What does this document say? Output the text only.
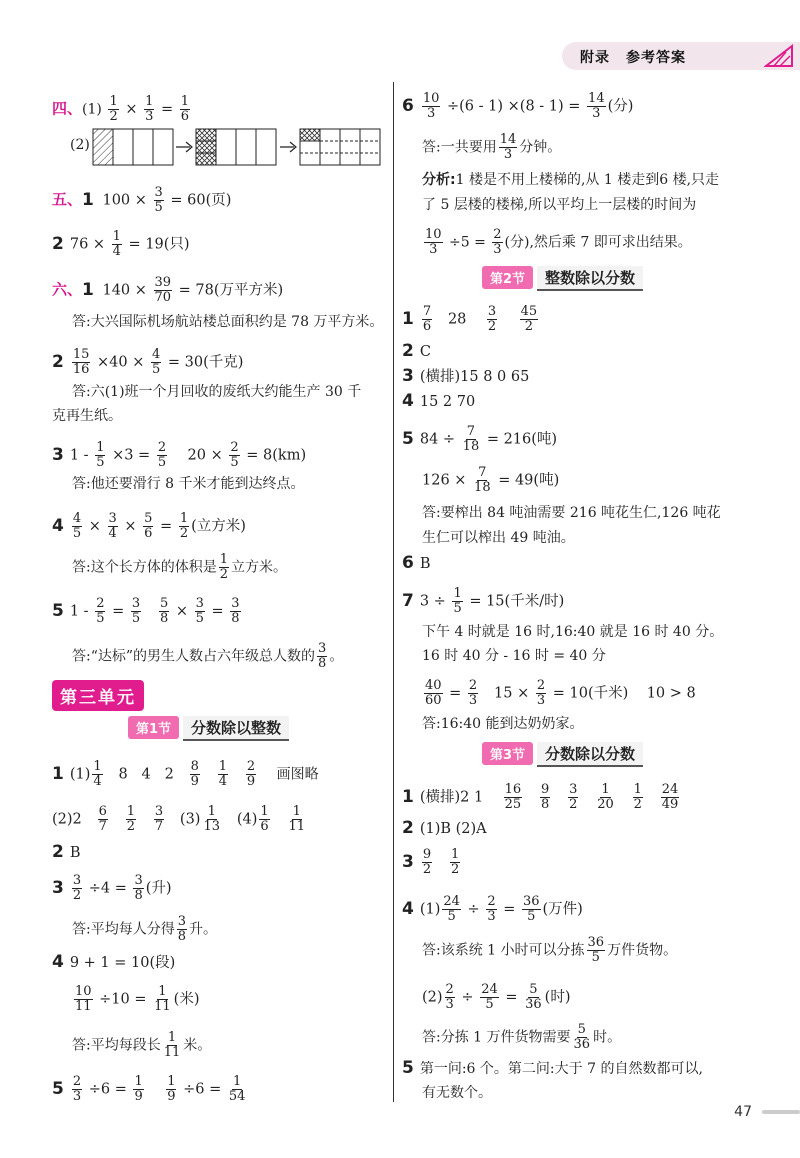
附录 参考答案
四、$(1) \frac{1}{2} \times \frac{1}{3} = \frac{1}{6}$
(2)
五、1 $100 \times \frac{3}{5} = 60$(页)
2 $76 \times \frac{1}{4} = 19$(只)
六、1 $140 \times \frac{39}{70} = 78$(万平方米)
答:大兴国际机场航站楼总面积约是 78 万平方米。
$2 \frac{15}{16} \times 40 \times \frac{4}{5} = 30$(千克)
答:六(1)班一个月回收的废纸大约能生产 30 千
克再生纸。
3 $1 - \frac{1}{5} \times 3 = \frac{2}{5} 20 \times \frac{2}{5} = 8(km)$
答:他还要滑行 8 千米才能到达终点。
$4 \frac{4}{5} \times \frac{3}{4} \times \frac{5}{6} = \frac{1}{2}$ (立方米)
答:这个长方体的体积是 $\frac{1}{2}$ 立方米。
5 $1 - \frac{2}{5} = \frac{3}{5}$
$\frac{5}{8} \times \frac{3}{5} = \frac{3}{8}$
答:“达标”的男生人数占六年级总人数的 $\frac{3}{8}$ 。
第三单元
第1节 分数除以整数
1 $(1) \frac{1}{4} 8$   4   $2 \frac{8}{9}$
$\frac{1}{4}$
$\frac{2}{9}$ 画图略
$(2)2 \frac{6}{7}$
$\frac{1}{2}$
$\frac{3}{7} (3) \frac{1}{13} (4) \frac{1}{6}$
$\frac{1}{11}$
2 B
$3 \frac{3}{2} \div 4 = \frac{3}{8}$ (升)
答:平均每人分得 $\frac{3}{8}$ 升。
4 9 + 1 = 10(段)
$\frac{10}{11} \div 10 = \frac{1}{11}$ (米)
答:平均每段长 $\frac{1}{11}$ 米。
$5 \frac{2}{3} \div 6 = \frac{1}{9}$
$\frac{1}{9} \div 6 = \frac{1}{54}$
$6 \frac{10}{3} \div(6 - 1) \times(8 - 1) = \frac{14}{3}$ (分)
答:一共要用 $\frac{14}{3}$ 分钟。
分析:1 楼是不用上楼梯的,从 1 楼走到6 楼,只走
了 5 层楼的楼梯,所以平均上一层楼的时间为
$\frac{10}{3} \div 5 = \frac{2}{3}$ (分),然后乘 7 即可求出结果。
第2节 整数除以分数
$1 \frac{7}{6} 28 \frac{3}{2}$
$\frac{45}{2}$
2 C
3 (横排)15 8 0 65
4 15 2 70
5 $84 \div \frac{7}{18} = 216$(吨)
$126 \times \frac{7}{18} = 49$(吨)
答:要榨出 84 吨油需要 216 吨花生仁,126 吨花
生仁可以榨出 49 吨油。
6 B
7 $3 \div \frac{1}{5} = 15$(千米/时)
下午 4 时就是 16 时,16:40 就是 16 时 40 分。
16 时 40 分 - 16 时 = 40 分
$\frac{40}{60} = \frac{2}{3} 15 \times \frac{2}{3} = 10$(千米)    10 > 8
答:16:40 能到达奶奶家。
第3节 分数除以分数
1 (横排)2 $1 \frac{16}{25}$
$\frac{9}{8}$
$\frac{3}{2}$
$\frac{1}{20}$
$\frac{1}{2}$
$\frac{24}{49}$
2 (1)B (2)A
$3 \frac{9}{2}$
$\frac{1}{2}$
4 $(1) \frac{24}{5} \div \frac{2}{3} = \frac{36}{5}$ (万件)
答:该系统 1 小时可以分拣 $\frac{36}{5}$ 万件货物。
$(2) \frac{2}{3} \div \frac{24}{5} = \frac{5}{36}$ (时)
答:分拣 1 万件货物需要 $\frac{5}{36}$ 时。
5 第一问:6 个。第二问:大于 7 的自然数都可以,
有无数个。
47
